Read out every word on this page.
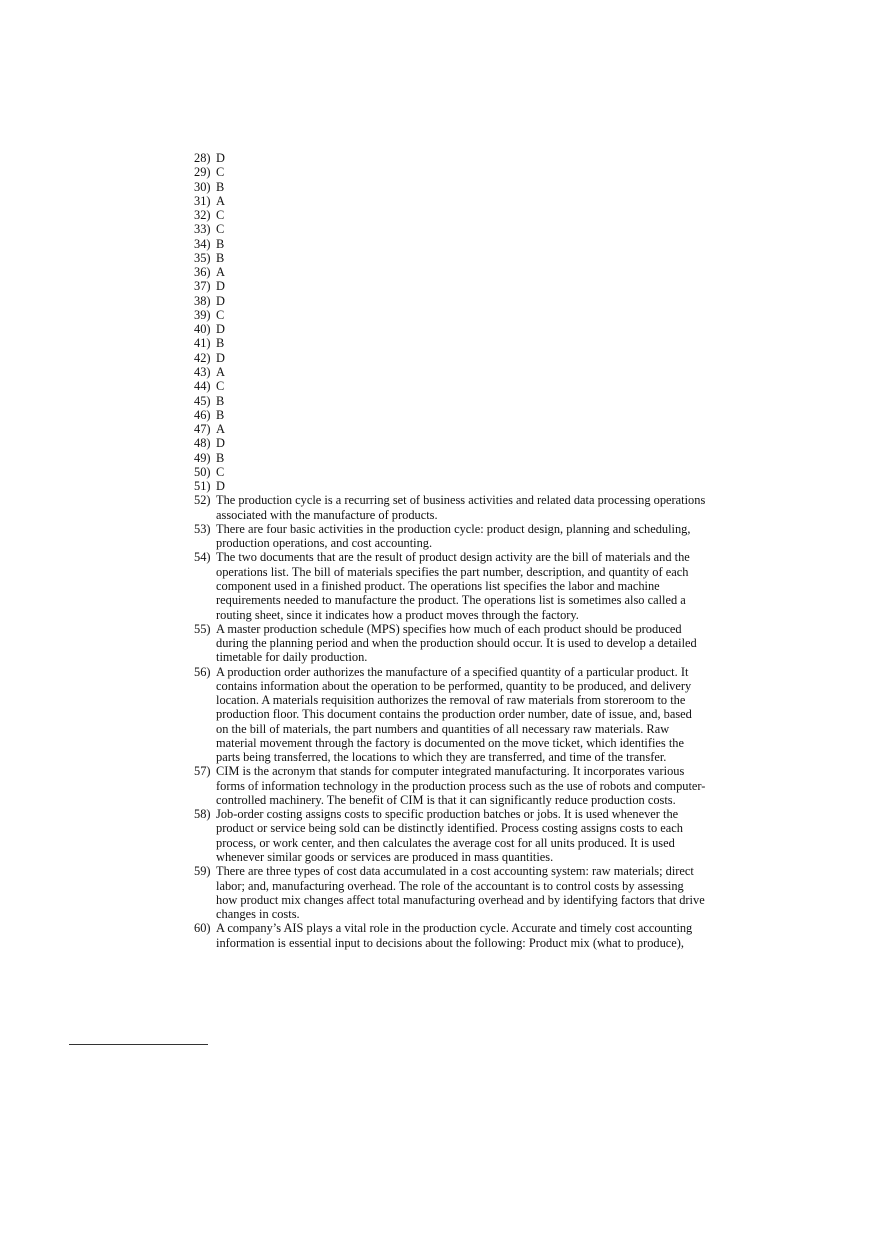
28) D
29) C
30) B
31) A
32) C
33) C
34) B
35) B
36) A
37) D
38) D
39) C
40) D
41) B
42) D
43) A
44) C
45) B
46) B
47) A
48) D
49) B
50) C
51) D
52) The production cycle is a recurring set of business activities and related data processing operations
associated with the manufacture of products.
53) There are four basic activities in the production cycle: product design, planning and scheduling,
production operations, and cost accounting.
54) The two documents that are the result of product design activity are the bill of materials and the
operations list. The bill of materials specifies the part number, description, and quantity of each
component used in a finished product. The operations list specifies the labor and machine
requirements needed to manufacture the product. The operations list is sometimes also called a
routing sheet, since it indicates how a product moves through the factory.
55) A master production schedule (MPS) specifies how much of each product should be produced
during the planning period and when the production should occur. It is used to develop a detailed
timetable for daily production.
56) A production order authorizes the manufacture of a specified quantity of a particular product. It
contains information about the operation to be performed, quantity to be produced, and delivery
location. A materials requisition authorizes the removal of raw materials from storeroom to the
production floor. This document contains the production order number, date of issue, and, based
on the bill of materials, the part numbers and quantities of all necessary raw materials. Raw
material movement through the factory is documented on the move ticket, which identifies the
parts being transferred, the locations to which they are transferred, and time of the transfer.
57) CIM is the acronym that stands for computer integrated manufacturing. It incorporates various
forms of information technology in the production process such as the use of robots and computer-
controlled machinery. The benefit of CIM is that it can significantly reduce production costs.
58) Job-order costing assigns costs to specific production batches or jobs. It is used whenever the
product or service being sold can be distinctly identified. Process costing assigns costs to each
process, or work center, and then calculates the average cost for all units produced. It is used
whenever similar goods or services are produced in mass quantities.
59) There are three types of cost data accumulated in a cost accounting system: raw materials; direct
labor; and, manufacturing overhead. The role of the accountant is to control costs by assessing
how product mix changes affect total manufacturing overhead and by identifying factors that drive
changes in costs.
60) A company’s AIS plays a vital role in the production cycle. Accurate and timely cost accounting
information is essential input to decisions about the following: Product mix (what to produce),
